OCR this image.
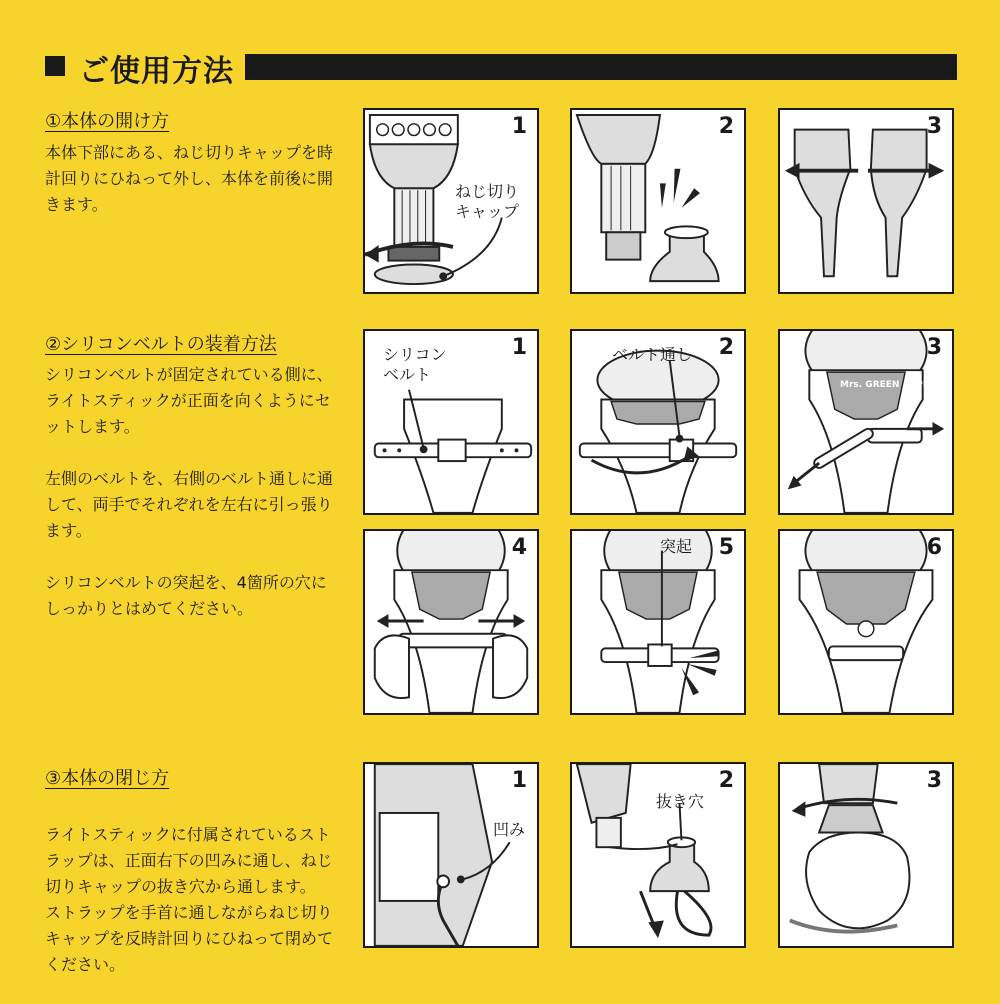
ご使用方法
①本体の開け方

本体下部にある、ねじ切りキャップを時計回りにひねって外し、本体を前後に開きます。

②シリコンベルトの装着方法

シリコンベルトが固定されている側に、ライトスティックが正面を向くようにセットします。

左側のベルトを、右側のベルト通しに通して、両手でそれぞれを左右に引っ張ります。

シリコンベルトの突起を、4箇所の穴にしっかりとはめてください。

③本体の閉じ方

ライトスティックに付属されているストラップは、正面右下の凹みに通し、ねじ切りキャップの抜き穴から通します。
ストラップを手首に通しながらねじ切りキャップを反時計回りにひねって閉めてください。

1
ねじ切り
キャップ
2	3
1
シリコン
ベルト
2
ベルト通し	3
Mrs. GREEN APPLE
4	5
突起	6
1
凹み
2
抜き穴
3
